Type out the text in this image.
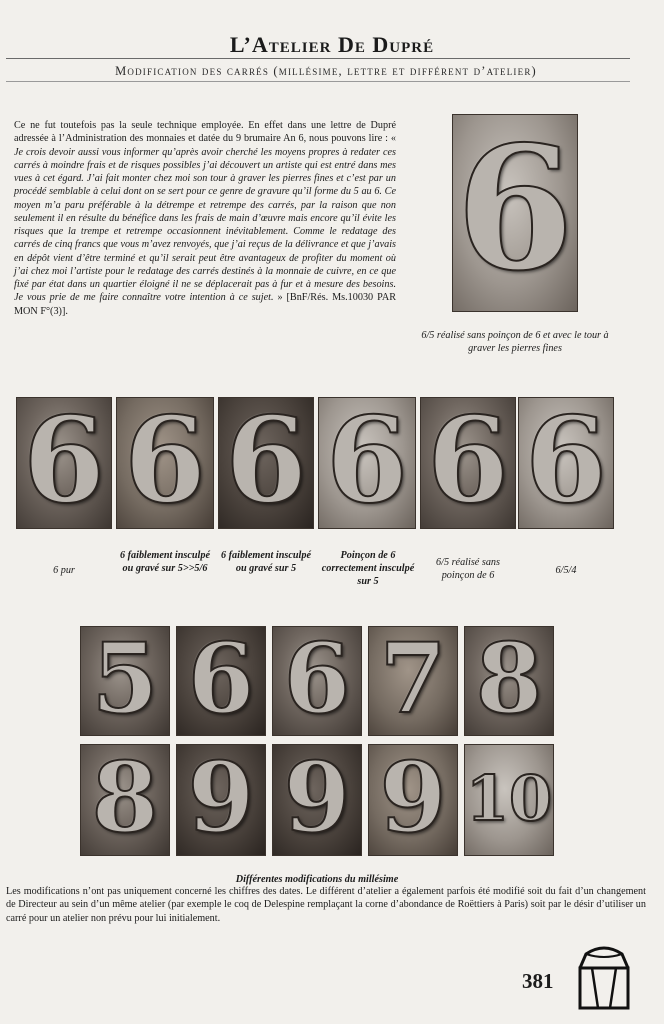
L’Atelier De Dupré
Modification des carrés (millésime, lettre et différent d’atelier)
Ce ne fut toutefois pas la seule technique employée. En effet dans une lettre de Dupré adressée à l’Administration des monnaies et datée du 9 brumaire An 6, nous pouvons lire : « Je crois devoir aussi vous informer qu’après avoir cherché les moyens propres à redater ces carrés à moindre frais et de risques possibles j’ai découvert un artiste qui est entré dans mes vues à cet égard. J’ai fait monter chez moi son tour à graver les pierres fines et c’est par un procédé semblable à celui dont on se sert pour ce genre de gravure qu’il forme du 5 au 6. Ce moyen m’a paru préférable à la détrempe et retrempe des carrés, par la raison que non seulement il en résulte du bénéfice dans les frais de main d’œuvre mais encore qu’il évite les risques que la trempe et retrempe occasionnent inévitablement. Comme le redatage des carrés de cinq francs que vous m’avez renvoyés, que j’ai reçus de la délivrance et que j’avais en dépôt vient d’être terminé et qu’il serait peut être avantageux de profiter du moment où j’ai chez moi l’artiste pour le redatage des carrés destinés à la monnaie de cuivre, en ce que fixé par état dans un quartier éloigné il ne se déplacerait pas à fur et à mesure des besoins. Je vous prie de me faire connaître votre intention à ce sujet. » [BnF/Rés. Ms.10030 PAR MON F°(3)].
6
6/5 réalisé sans poinçon de 6 et avec le tour à graver les pierres fines
6 6 6 6 6 6
6 pur
6 faiblement insculpé ou gravé sur 5>>5/6
6 faiblement insculpé ou gravé sur 5
Poinçon de 6 correctement insculpé sur 5
6/5 réalisé sans poinçon de 6	6/5/4
5 6 6 7 8
8 9 9 9 10
Différentes modifications du millésime
Les modifications n’ont pas uniquement concerné les chiffres des dates. Le différent d’atelier a également parfois été modifié soit du fait d’un changement de Directeur au sein d’un même atelier (par exemple le coq de Delespine remplaçant la corne d’abondance de Roëttiers à Paris) soit par le désir d’utiliser un carré pour un atelier non prévu pour lui initialement.
381
